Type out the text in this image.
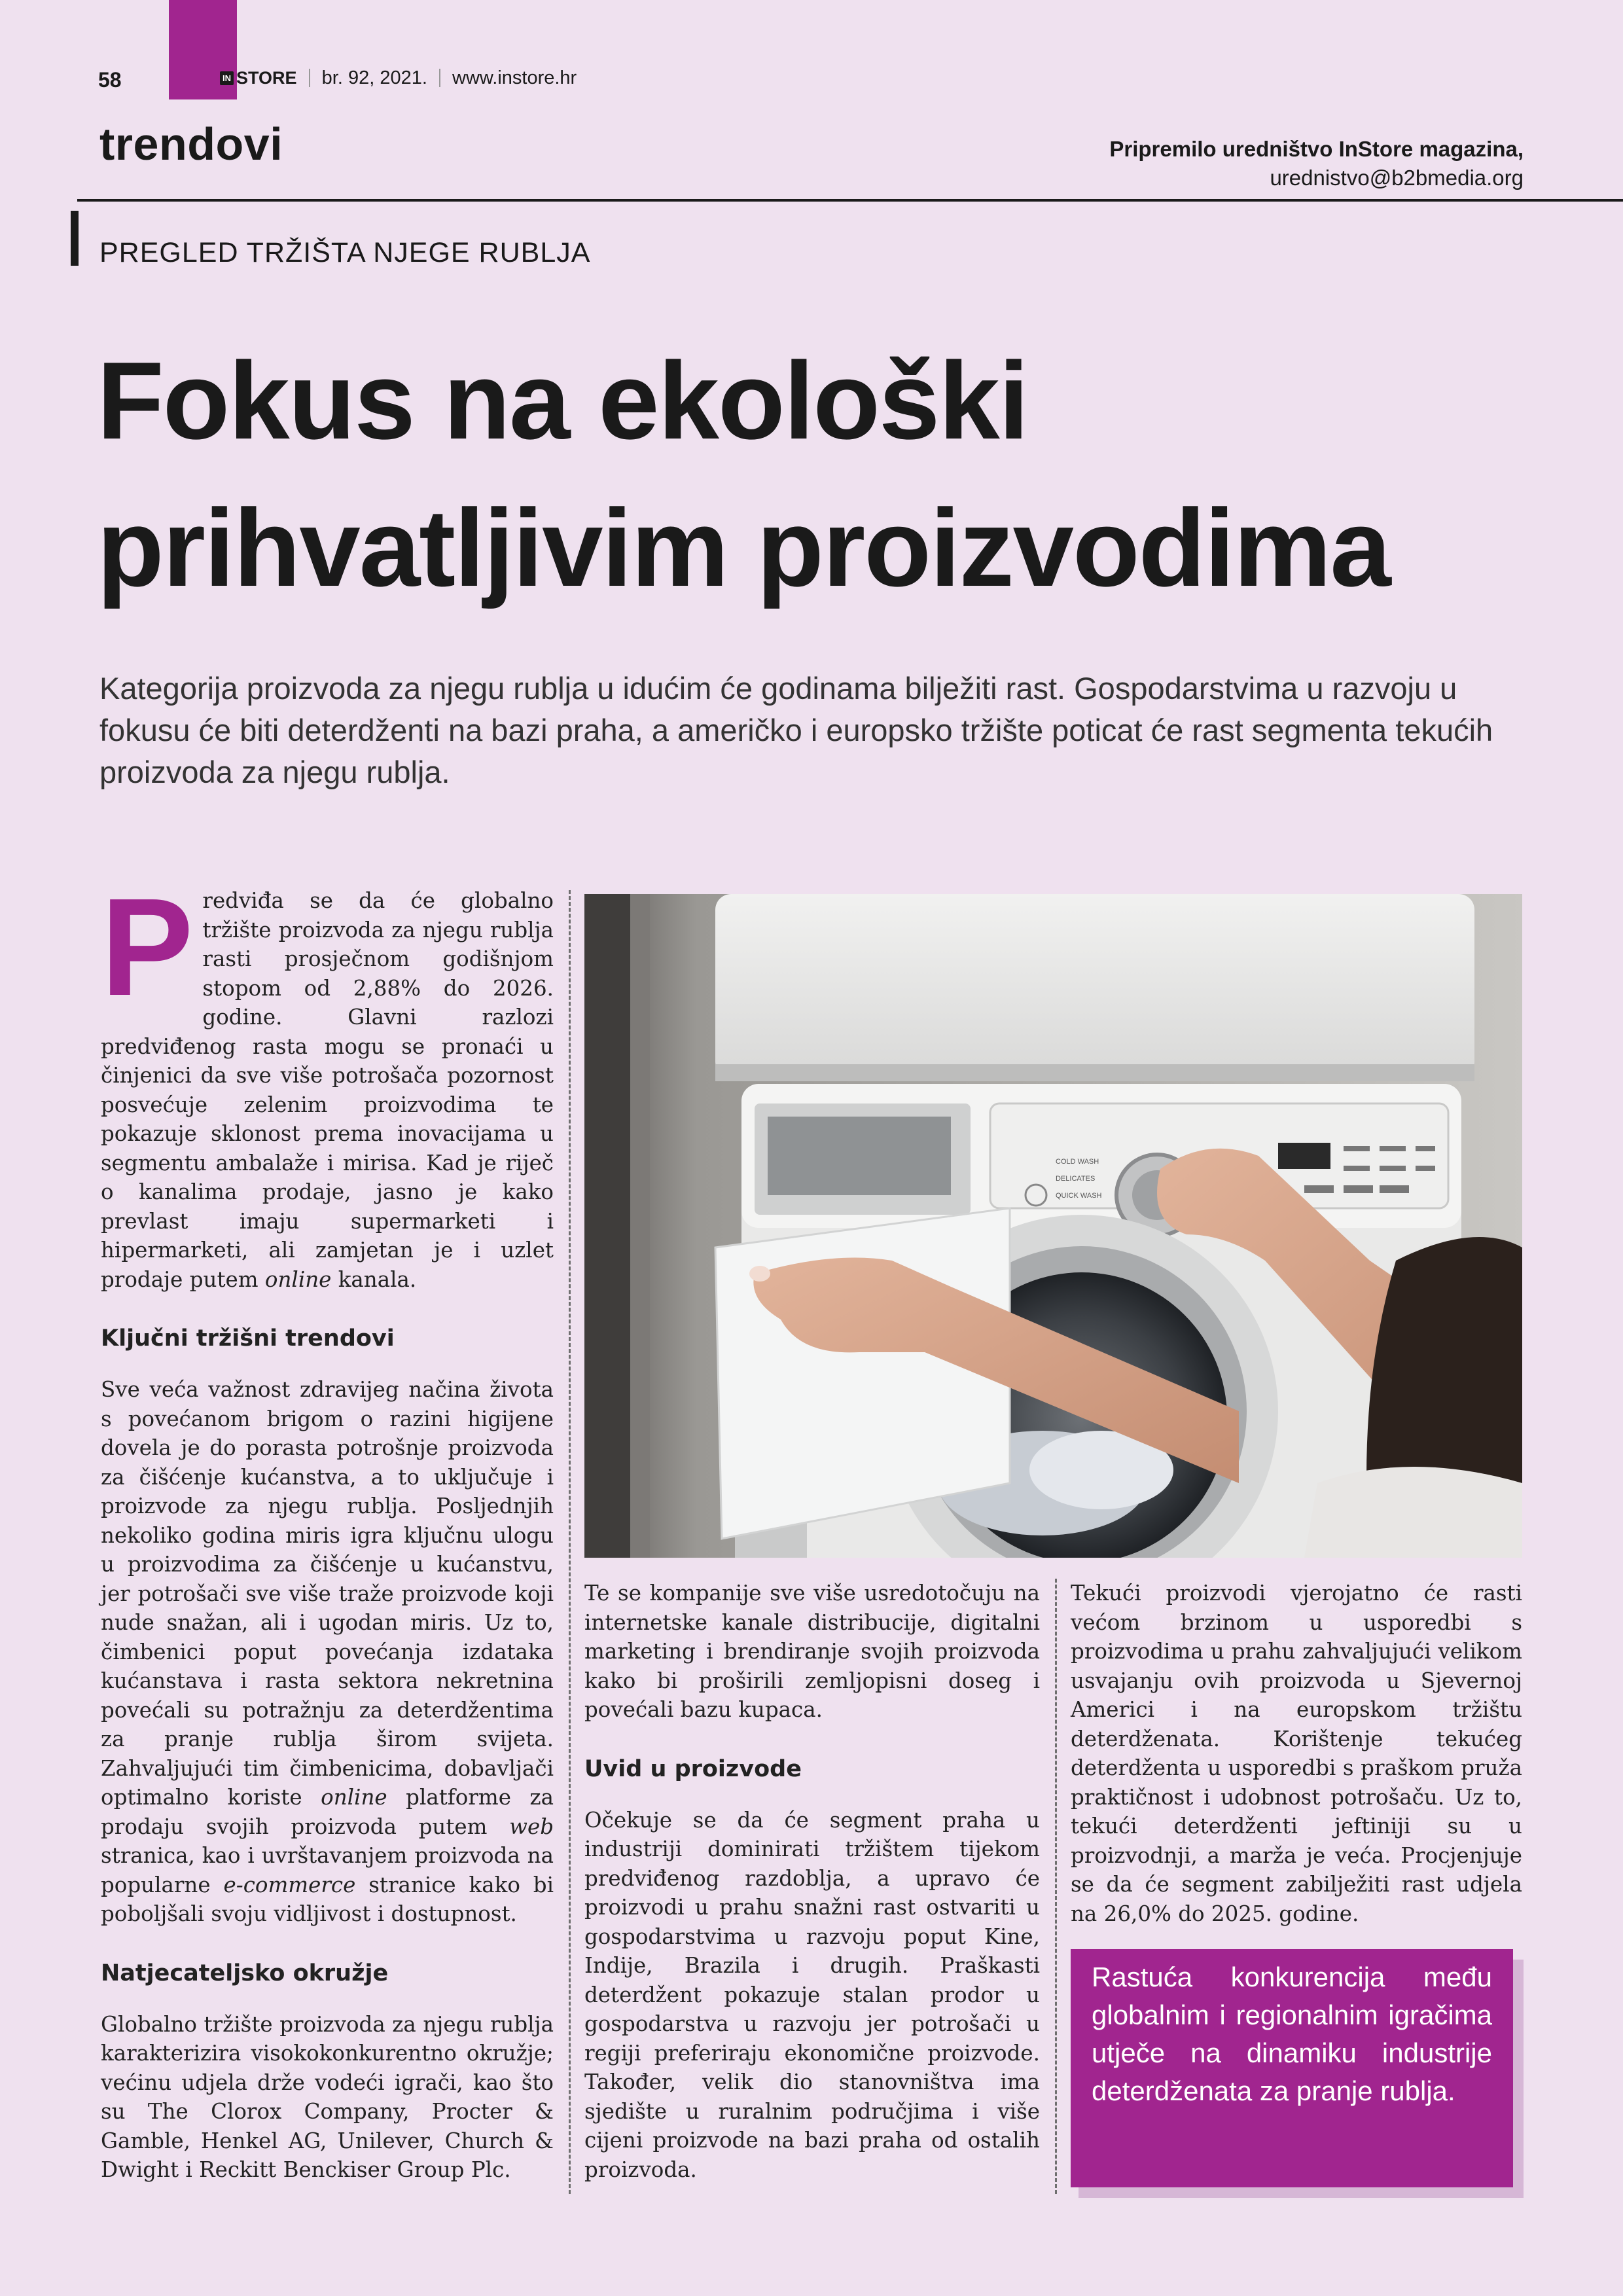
58	IN STORE br. 92, 2021. www.instore.hr
trendovi	Pripremilo uredništvo InStore magazina,
urednistvo@b2bmedia.org
PREGLED TRŽIŠTA NJEGE RUBLJA
Fokus na ekološki
prihvatljivim proizvodima
Kategorija proizvoda za njegu rublja u idućim će godinama bilježiti rast. Gospodarstvima u razvoju u fokusu će biti deterdženti na bazi praha, a američko i europsko tržište poticat će rast segmenta tekućih proizvoda za njegu rublja.

Predviđa se da će globalno tržište proizvoda za njegu rublja rasti prosječnom godišnjom stopom od 2,88% do 2026. godine. Glavni razlozi predviđenog rasta mogu se pronaći u činjenici da sve više potrošača pozornost posvećuje zelenim proizvodima te pokazuje sklonost prema inovacijama u segmentu ambalaže i mirisa. Kad je riječ o kanalima prodaje, jasno je kako prevlast imaju supermarketi i hipermarketi, ali zamjetan je i uzlet prodaje putem online kanala.

Ključni tržišni trendovi

Sve veća važnost zdravijeg načina života s povećanom brigom o razini higijene dovela je do porasta potrošnje proizvoda za čišćenje kućanstva, a to uključuje i proizvode za njegu rublja. Posljednjih nekoliko godina miris igra ključnu ulogu u proizvodima za čišćenje u kućanstvu, jer potrošači sve više traže proizvode koji nude snažan, ali i ugodan miris. Uz to, čimbenici poput povećanja izdataka kućanstava i rasta sektora nekretnina povećali su potražnju za deterdžentima za pranje rublja širom svijeta. Zahvaljujući tim čimbenicima, dobavljači optimalno koriste online platforme za prodaju svojih proizvoda putem web stranica, kao i uvrštavanjem proizvoda na popularne e-commerce stranice kako bi poboljšali svoju vidljivost i dostupnost.

Natjecateljsko okružje

Globalno tržište proizvoda za njegu rublja karakterizira visokokonkurentno okružje; većinu udjela drže vodeći igrači, kao što su The Clorox Company, Procter & Gamble, Henkel AG, Unilever, Church & Dwight i Reckitt Benckiser Group Plc.

COLD WASH
DELICATES
QUICK WASH

Te se kompanije sve više usredotočuju na internetske kanale distribucije, digitalni marketing i brendiranje svojih proizvoda kako bi proširili zemljopisni doseg i povećali bazu kupaca.

Uvid u proizvode

Očekuje se da će segment praha u industriji dominirati tržištem tijekom predviđenog razdoblja, a upravo će proizvodi u prahu snažni rast ostvariti u gospodarstvima u razvoju poput Kine, Indije, Brazila i drugih. Praškasti deterdžent pokazuje stalan prodor u gospodarstva u razvoju jer potrošači u regiji preferiraju ekonomične proizvode. Također, velik dio stanovništva ima sjedište u ruralnim područjima i više cijeni proizvode na bazi praha od ostalih proizvoda.

Tekući proizvodi vjerojatno će rasti većom brzinom u usporedbi s proizvodima u prahu zahvaljujući velikom usvajanju ovih proizvoda u Sjevernoj Americi i na europskom tržištu deterdženata. Korištenje tekućeg deterdženta u usporedbi s praškom pruža praktičnost i udobnost potrošaču. Uz to, tekući deterdženti jeftiniji su u proizvodnji, a marža je veća. Procjenjuje se da će segment zabilježiti rast udjela na 26,0% do 2025. godine.

Rastuća konkurencija među globalnim i regionalnim igračima utječe na dinamiku industrije deterdženata za pranje rublja.
